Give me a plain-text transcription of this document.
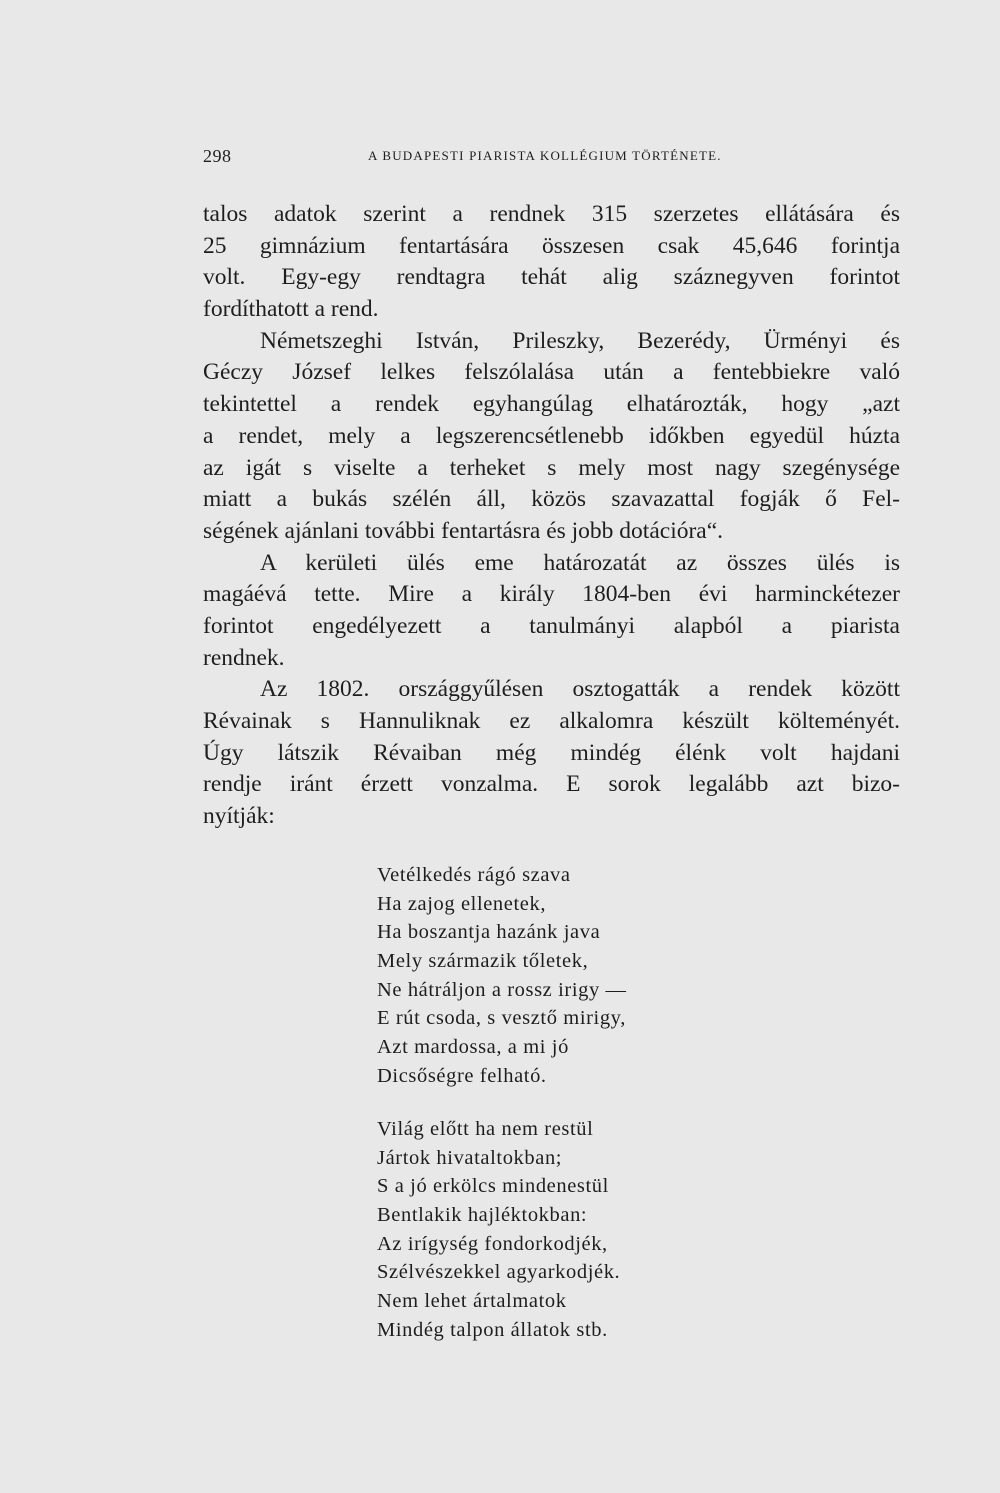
298	A BUDAPESTI PIARISTA KOLLÉGIUM TÖRTÉNETE.
talos adatok szerint a rendnek 315 szerzetes ellátására és
25 gimnázium fentartására összesen csak 45,646 forintja
volt. Egy-egy rendtagra tehát alig száznegyven forintot
fordíthatott a rend.
Németszeghi István, Prileszky, Bezerédy, Ürményi és
Géczy József lelkes felszólalása után a fentebbiekre való
tekintettel a rendek egyhangúlag elhatározták, hogy „azt
a rendet, mely a legszerencsétlenebb időkben egyedül húzta
az igát s viselte a terheket s mely most nagy szegénysége
miatt a bukás szélén áll, közös szavazattal fogják ő Fel-
ségének ajánlani további fentartásra és jobb dotációra“.
A kerületi ülés eme határozatát az összes ülés is
magáévá tette. Mire a király 1804-ben évi harminckétezer
forintot engedélyezett a tanulmányi alapból a piarista
rendnek.
Az 1802. országgyűlésen osztogatták a rendek között
Révainak s Hannuliknak ez alkalomra készült költeményét.
Úgy látszik Révaiban még mindég élénk volt hajdani
rendje iránt érzett vonzalma. E sorok legalább azt bizo-
nyítják:
Vetélkedés rágó szava
Ha zajog ellenetek,
Ha boszantja hazánk java
Mely származik tőletek,
Ne hátráljon a rossz irigy —
E rút csoda, s vesztő mirigy,
Azt mardossa, a mi jó
Dicsőségre felható.
Világ előtt ha nem restül
Jártok hivataltokban;
S a jó erkölcs mindenestül
Bentlakik hajléktokban:
Az irígység fondorkodjék,
Szélvészekkel agyarkodjék.
Nem lehet ártalmatok
Mindég talpon állatok stb.
